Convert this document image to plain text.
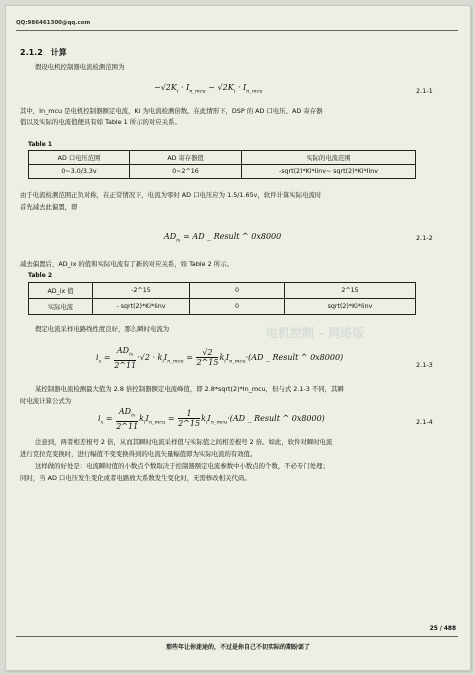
QQ:986461300@qq.com
2.1.2 计算
假设电机控制器电流检测范围为
$-√2K_i \cdot I_{n\_mcu}$ ~ $√2K_i \cdot I_{n\_mcu}$	2.1-1
其中，In_mcu 是电机控制器额定电流，Ki 为电流检测倍数。在此情形下，DSP 的 AD 口电压、AD 寄存器
值以及实际的电流值便具有如 Table 1 所示的对应关系。
Table 1
AD 口电压范围	AD 寄存器值	实际的电流范围
0~3.0/3.3v	0~2^16	-sqrt(2)*Ki*Iinv~ sqrt(2)*Ki*Iinv
由于电流检测范围正负对称，在正常情况下，电流为零时 AD 口电压应为 1.5/1.65v，软件计算实际电流时
首先减去此偏置，即
$AD_{ix}$ = AD _ Result ^ 0x8000	2.1-2
减去偏置后，AD_ix 的值和实际电流有了新的对应关系，如 Table 2 所示。
Table 2
AD_ix 值	-2^15	0	2^15
实际电流	- sqrt(2)*Ki*Iinv	0	sqrt(2)*Ki*Iinv
假定电流采样电路线性度良好，那么瞬时电流为	电机控制 – 网络版
$i_x = \frac{AD_{ix}}{2\^{}11} \cdot√2 \cdot k_iI_{n\_mcu} = \frac{√2}{2\^{}15} k_iI_{n\_mcu}\cdot(AD$ _ Result ^ 0x8000)
2.1-3
某控制器电流检测最大值为 2.8 倍控制器额定电流峰值，即 2.8*sqrt(2)*In_mcu，但与式 2.1-3 不同，其瞬
时电流计算公式为
$i_x = \frac{AD_{ix}}{2\^{}11} k_iI_{n\_mcu} = \frac{1}{2\^{}15} k_iI_{n\_mcu}\cdot(AD$ _ Result ^ 0x8000)	2.1-4
注意到，两者相差根号 2 倍，从而其瞬时电流采样值与实际值之间相差根号 2 倍。如此，软件对瞬时电流
进行克拉克变换时，进行幅值不变变换得到的电流矢量幅值即为实际电流的有效值。
这样做的好处是：电流瞬时值的小数点个数取决于控制器额定电流参数中小数点的个数，不必专门处理；
同时，当 AD 口电压发生变化或者电路放大系数发生变化时，无需修改相关代码。
25 / 488
那些年让你迷途的，不过是你自己不切实际的期盼罢了
